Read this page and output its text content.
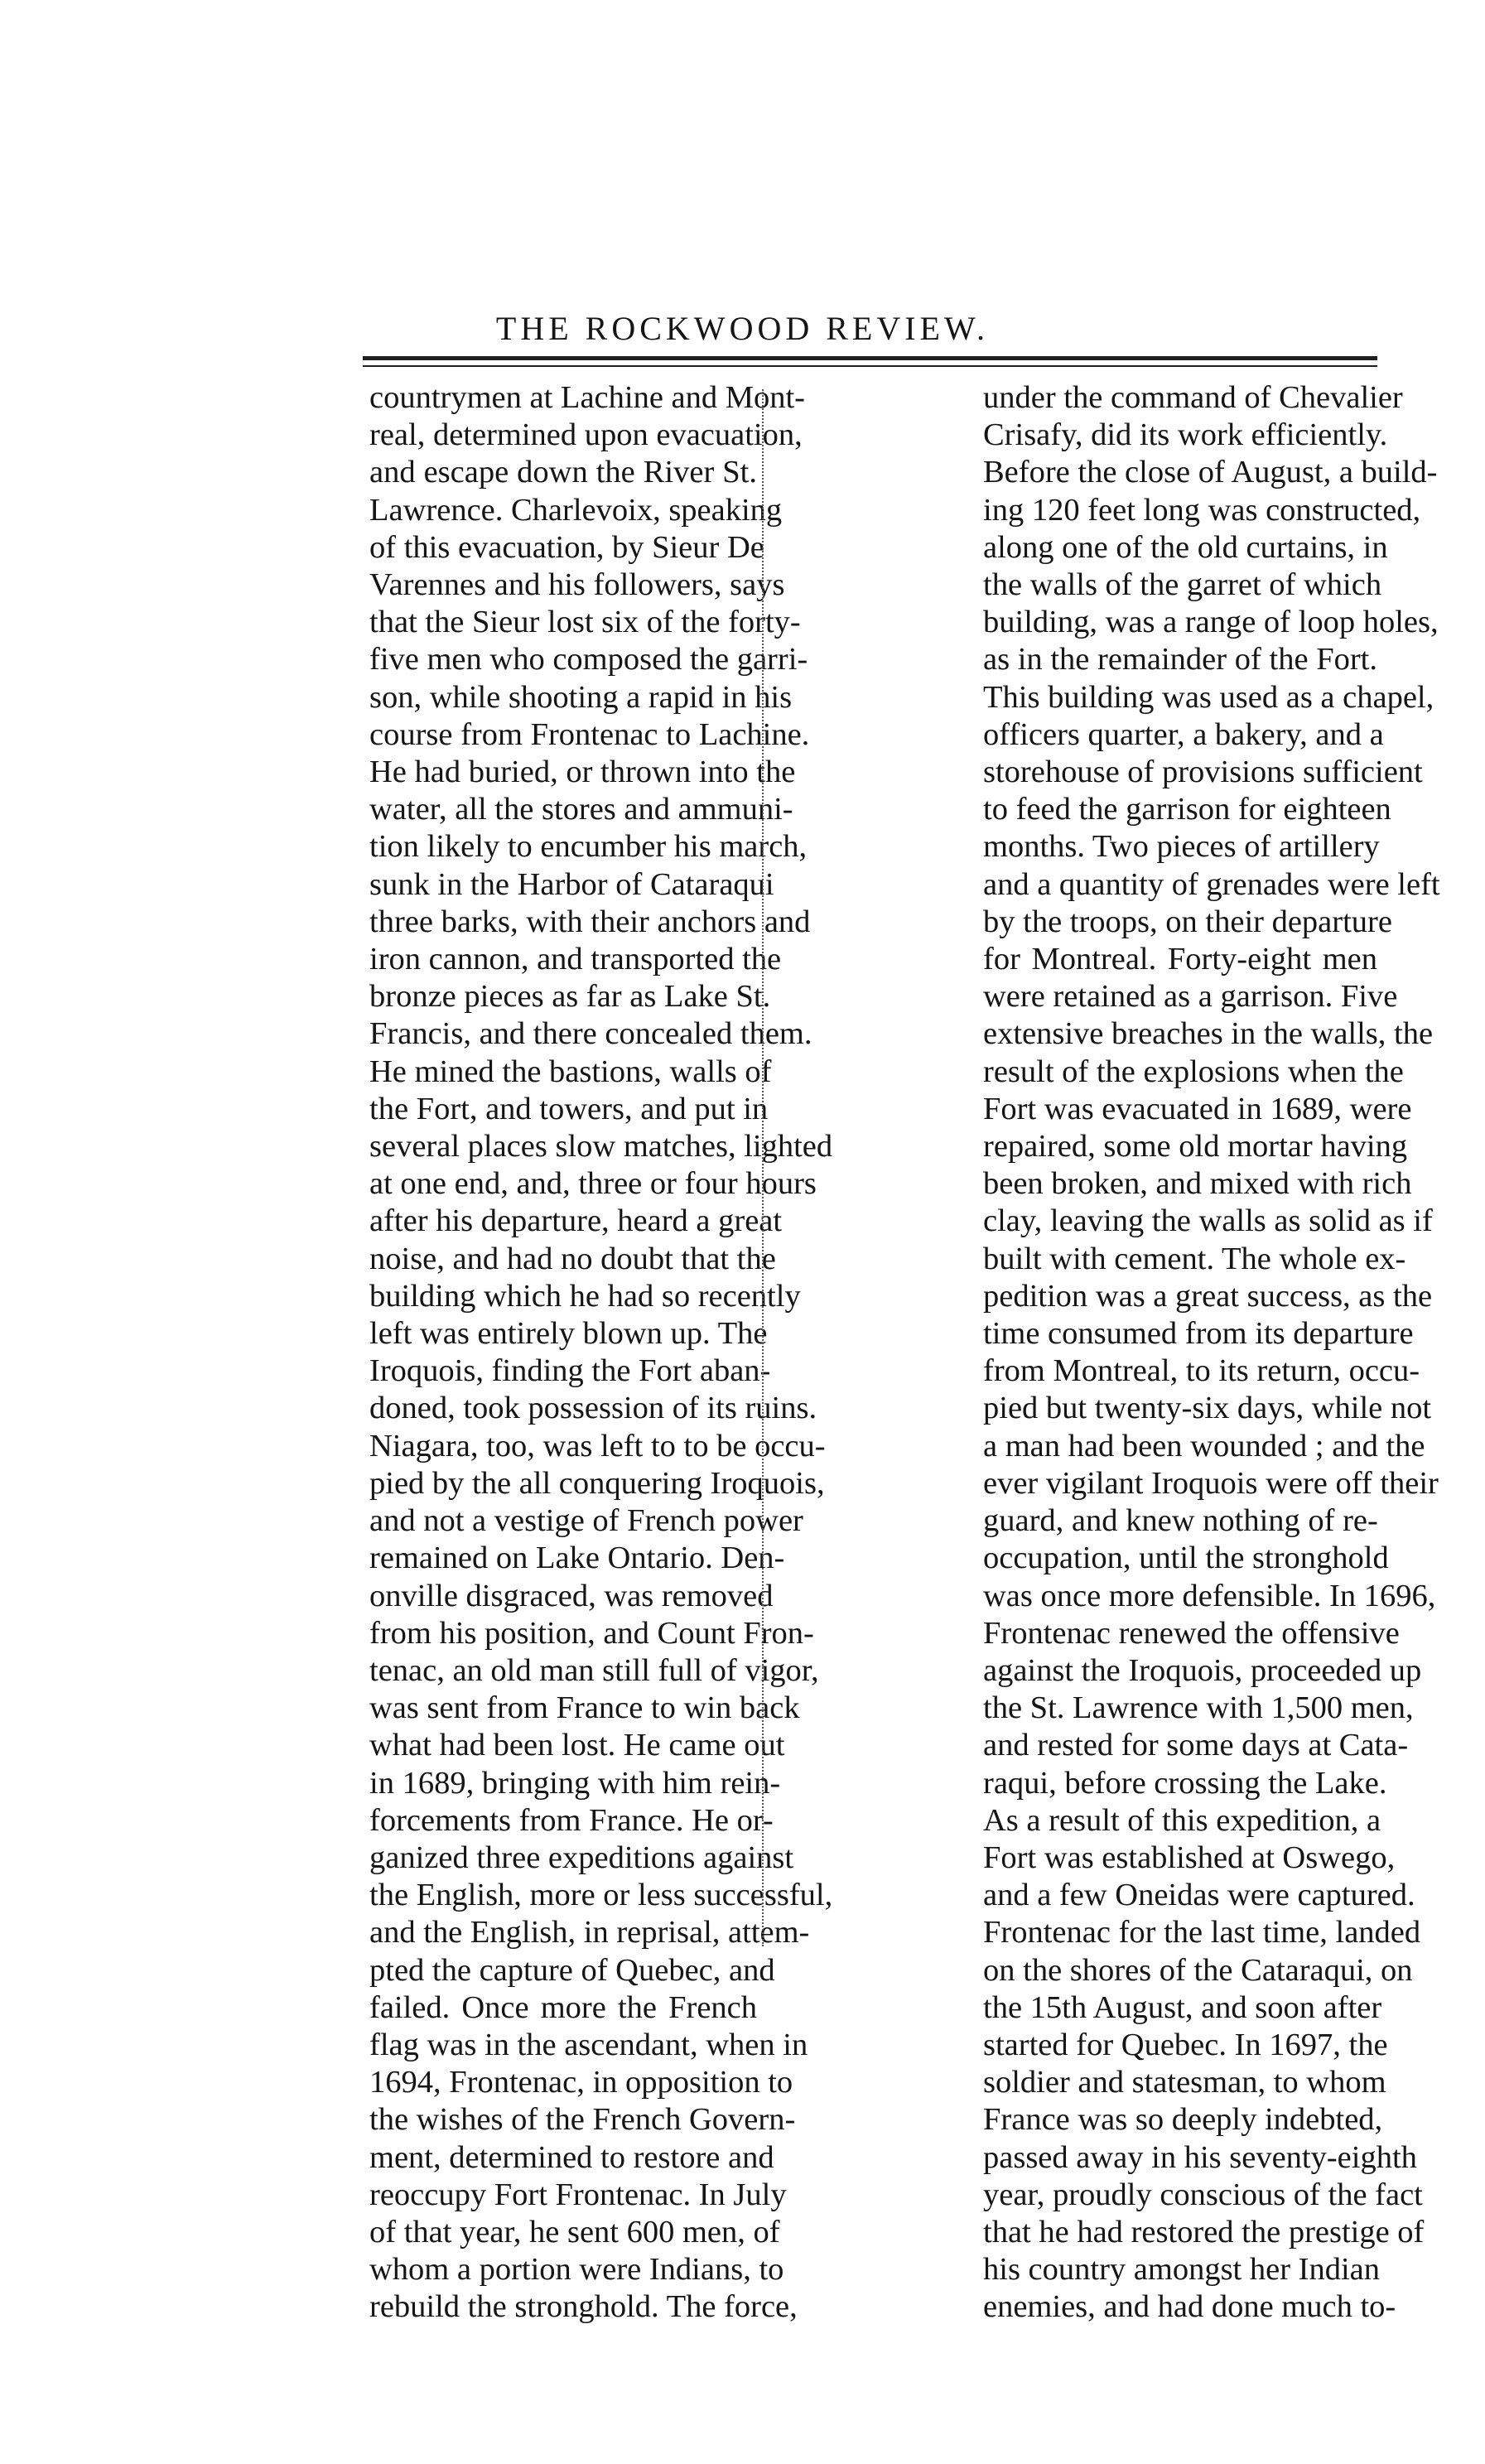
THE ROCKWOOD REVIEW.
countrymen at Lachine and Mont-
real, determined upon evacuation,
and escape down the River St.
Lawrence. Charlevoix, speaking
of this evacuation, by Sieur De
Varennes and his followers, says
that the Sieur lost six of the forty-
five men who composed the garri-
son, while shooting a rapid in his
course from Frontenac to Lachine.
He had buried, or thrown into the
water, all the stores and ammuni-
tion likely to encumber his march,
sunk in the Harbor of Cataraqui
three barks, with their anchors and
iron cannon, and transported the
bronze pieces as far as Lake St.
Francis, and there concealed them.
He mined the bastions, walls of
the Fort, and towers, and put in
several places slow matches, lighted
at one end, and, three or four hours
after his departure, heard a great
noise, and had no doubt that the
building which he had so recently
left was entirely blown up. The
Iroquois, finding the Fort aban-
doned, took possession of its ruins.
Niagara, too, was left to to be occu-
pied by the all conquering Iroquois,
and not a vestige of French power
remained on Lake Ontario. Den-
onville disgraced, was removed
from his position, and Count Fron-
tenac, an old man still full of vigor,
was sent from France to win back
what had been lost. He came out
in 1689, bringing with him rein-
forcements from France. He or-
ganized three expeditions against
the English, more or less successful,
and the English, in reprisal, attem-
pted the capture of Quebec, and
failed. Once more the French
flag was in the ascendant, when in
1694, Frontenac, in opposition to
the wishes of the French Govern-
ment, determined to restore and
reoccupy Fort Frontenac. In July
of that year, he sent 600 men, of
whom a portion were Indians, to
rebuild the stronghold. The force,
under the command of Chevalier
Crisafy, did its work efficiently.
Before the close of August, a build-
ing 120 feet long was constructed,
along one of the old curtains, in
the walls of the garret of which
building, was a range of loop holes,
as in the remainder of the Fort.
This building was used as a chapel,
officers quarter, a bakery, and a
storehouse of provisions sufficient
to feed the garrison for eighteen
months. Two pieces of artillery
and a quantity of grenades were left
by the troops, on their departure
for Montreal. Forty-eight men
were retained as a garrison. Five
extensive breaches in the walls, the
result of the explosions when the
Fort was evacuated in 1689, were
repaired, some old mortar having
been broken, and mixed with rich
clay, leaving the walls as solid as if
built with cement. The whole ex-
pedition was a great success, as the
time consumed from its departure
from Montreal, to its return, occu-
pied but twenty-six days, while not
a man had been wounded ; and the
ever vigilant Iroquois were off their
guard, and knew nothing of re-
occupation, until the stronghold
was once more defensible. In 1696,
Frontenac renewed the offensive
against the Iroquois, proceeded up
the St. Lawrence with 1,500 men,
and rested for some days at Cata-
raqui, before crossing the Lake.
As a result of this expedition, a
Fort was established at Oswego,
and a few Oneidas were captured.
Frontenac for the last time, landed
on the shores of the Cataraqui, on
the 15th August, and soon after
started for Quebec. In 1697, the
soldier and statesman, to whom
France was so deeply indebted,
passed away in his seventy-eighth
year, proudly conscious of the fact
that he had restored the prestige of
his country amongst her Indian
enemies, and had done much to-
